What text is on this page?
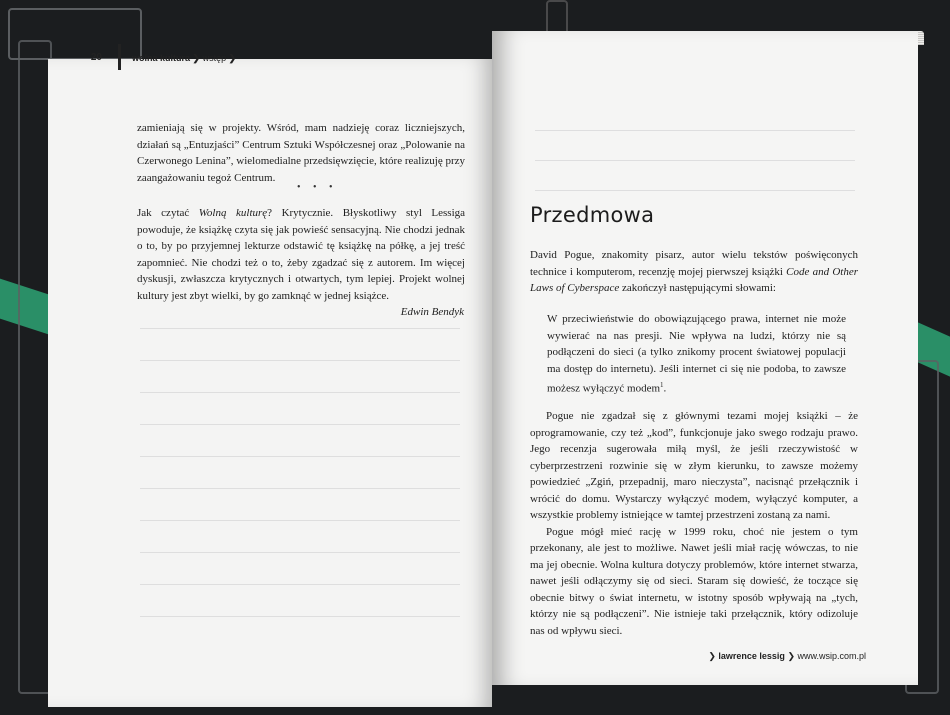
20	wolna kultura ❯ wstęp ❯

zamieniają się w projekty. Wśród, mam nadzieję coraz liczniejszych, działań są „Entuzjaści” Centrum Sztuki Współczesnej oraz „Polowanie na Czerwonego Lenina”, wielomedialne przedsięwzięcie, które realizuję przy zaangażowaniu tegoż Centrum.

• • •

Jak czytać Wolną kulturę? Krytycznie. Błyskotliwy styl Lessiga powoduje, że książkę czyta się jak powieść sensacyjną. Nie chodzi jednak o to, by po przyjemnej lekturze odstawić tę książkę na półkę, a jej treść zapomnieć. Nie chodzi też o to, żeby zgadzać się z autorem. Im więcej dyskusji, zwłaszcza krytycznych i otwartych, tym lepiej. Projekt wolnej kultury jest zbyt wielki, by go zamknąć w jednej książce.

Edwin Bendyk
Przedmowa

David Pogue, znakomity pisarz, autor wielu tekstów poświęconych technice i komputerom, recenzję mojej pierwszej książki Code and Other Laws of Cyberspace zakończył następującymi słowami:

W przeciwieństwie do obowiązującego prawa, internet nie może wywierać na nas presji. Nie wpływa na ludzi, którzy nie są podłączeni do sieci (a tylko znikomy procent światowej populacji ma dostęp do internetu). Jeśli internet ci się nie podoba, to zawsze możesz wyłączyć modem$^1$.

Pogue nie zgadzał się z głównymi tezami mojej książki – że oprogramowanie, czy też „kod”, funkcjonuje jako swego rodzaju prawo. Jego recenzja sugerowała miłą myśl, że jeśli rzeczywistość w cyberprzestrzeni rozwinie się w złym kierunku, to zawsze możemy powiedzieć „Zgiń, przepadnij, maro nieczysta”, nacisnąć przełącznik i wrócić do domu. Wystarczy wyłączyć modem, wyłączyć komputer, a wszystkie problemy istniejące w tamtej przestrzeni zostaną za nami.

Pogue mógł mieć rację w 1999 roku, choć nie jestem o tym przekonany, ale jest to możliwe. Nawet jeśli miał rację wówczas, to nie ma jej obecnie. Wolna kultura dotyczy problemów, które internet stwarza, nawet jeśli odłączymy się od sieci. Staram się dowieść, że toczące się obecnie bitwy o świat internetu, w istotny sposób wpływają na „tych, którzy nie są podłączeni”. Nie istnieje taki przełącznik, który odizoluje nas od wpływu sieci.

❯ lawrence lessig ❯ www.wsip.com.pl
